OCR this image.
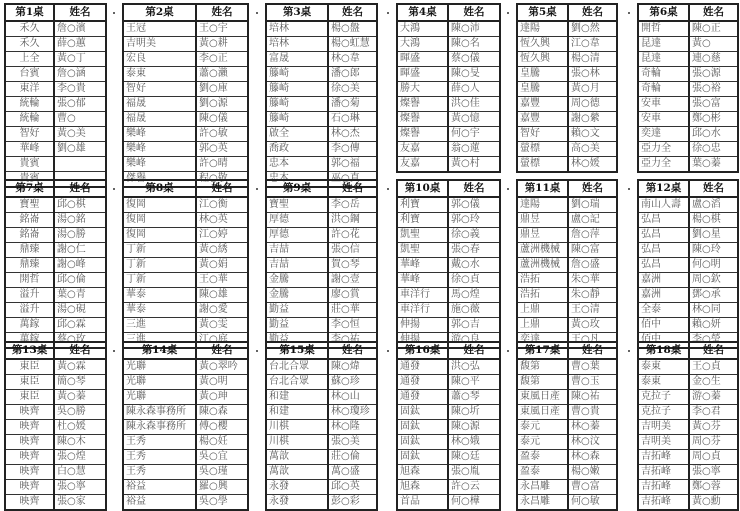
第1桌	姓名
禾久	詹○濱
禾久	薛○蕙
上全	黃○丁
台賓	詹○涵
東洋	李○貴
統輪	張○郁
統輪	曹○
智好	黃○美
華峰	劉○雄
貴賓	
貴賓	
第2桌	姓名
王冠	王○宇
吉明美	黃○耕
宏良	李○正
泰東	蕭○瀨
智好	劉○庫
福晟	劉○源
福晟	陳○儀
樂峰	許○敏
樂峰	郭○英
樂峰	許○晴
傑譽	程○敬
第3桌	姓名
培林	楊○盤
培林	楊○虹慧
富晟	林○韋
籐崎	潘○郎
籐崎	徐○美
籐崎	潘○菊
籐崎	石○琳
啟全	林○杰
喬政	李○傳
忠本	郭○福
忠本	巫○真
第4桌	姓名
大鴻	陳○沛
大鴻	陳○名
暉盛	蔡○儀
暉盛	陳○旻
勝大	薛○人
燦譽	洪○佳
燦譽	黃○憶
燦譽	何○宇
友嘉	翁○蓮
友嘉	黃○村
第5桌	姓名
達陽	劉○然
恆久興	江○韋
恆久興	楊○清
皇騰	張○林
皇騰	黃○月
嘉豐	周○德
嘉豐	謝○縈
智好	賴○文
螢標	高○美
螢標	林○媛
第6桌	姓名
開哲	陳○正
昆達	黃○
昆達	連○慈
奇輪	張○源
奇輪	張○裕
安車	張○富
安車	鄭○彬
奕達	邱○水
亞力全	徐○忠
亞力全	葉○蓁
第7桌	姓名
寶聖	邱○棋
銘崙	湯○銘
銘崙	湯○勝
鼎臻	謝○仁
鼎臻	謝○峰
開哲	邱○倫
溢升	葉○青
溢升	湯○硯
萬鎵	邱○霖
萬鎵	蔡○玫
第8桌	姓名
復岡	江○衡
復岡	林○英
復岡	江○婷
丁新	黃○綉
丁新	黃○娟
丁新	王○華
華泰	陳○雄
華泰	謝○愛
三進	黃○雯
三進	江○庭
第9桌	姓名
寶聖	李○岳
厚德	洪○鋼
厚德	許○花
吉喆	張○信
吉喆	賀○琴
金騰	謝○壹
金騰	廖○賞
勤益	莊○華
勤益	李○恒
勤益	李○祐
第10桌	姓名
利寶	郭○儀
利寶	郭○玲
凱聖	徐○義
凱聖	張○春
華峰	戴○水
華峰	徐○貞
車洋行	馬○煌
車洋行	施○薇
伸揚	郭○吉
伸揚	游○良
第11桌	姓名
達陽	劉○瑞
鼎昱	盧○記
鼎昱	詹○萍
蘆洲機械	陳○富
蘆洲機械	詹○盛
浩拓	朱○華
浩拓	朱○靜
上鼎	王○清
上鼎	黃○玫
奕達	王○凡
第12桌	姓名
南山人壽	盧○滔
弘昌	楊○棋
弘昌	劉○星
弘昌	陳○玲
弘昌	何○明
嘉洲	周○欽
嘉洲	鄧○承
全泰	林○同
佰中	賴○妍
佰中	李○瑩
第13桌	姓名
東臣	黃○霖
東臣	簡○琴
東臣	黃○蓁
映齊	吳○勝
映齊	杜○媛
映齊	陳○木
映齊	張○煌
映齊	白○慧
映齊	張○寧
映齊	張○家
第14桌	姓名
光聯	黃○翠吟
光聯	黃○明
光聯	黃○珅
陳永森事務所	陳○森
陳永森事務所	傅○櫻
王秀	楊○妊
王秀	吳○宜
王秀	吳○瑾
裕益	羅○興
裕益	吳○學
第15桌	姓名
台北合眾	陳○煒
台北合眾	蘇○珍
和建	林○山
和建	林○瓊珍
川棋	林○隆
川棋	張○美
萬歆	莊○倫
萬歆	萬○盛
永發	邱○英
永發	彭○彩
第16桌	姓名
通發	洪○弘
通發	陳○平
通發	蕭○琴
固鈦	陳○圻
固鈦	陳○源
固鈦	林○娥
固鈦	陳○廷
旭森	張○胤
旭森	許○云
首品	何○樺
第17桌	姓名
馥第	曹○葉
馥第	曹○玉
東風日產	陳○祐
東風日產	曹○貴
泰元	林○蓁
泰元	林○汶
盈泰	林○森
盈泰	楊○嫩
永昌雕	曹○富
永昌雕	何○敏
第18桌	姓名
泰東	王○貞
泰東	金○生
克拉子	游○蓁
克拉子	李○君
吉明美	黃○芬
吉明美	周○芬
吉拓峰	周○貞
吉拓峰	張○寧
吉拓峰	鄭○蓉
吉拓峰	黃○勳
